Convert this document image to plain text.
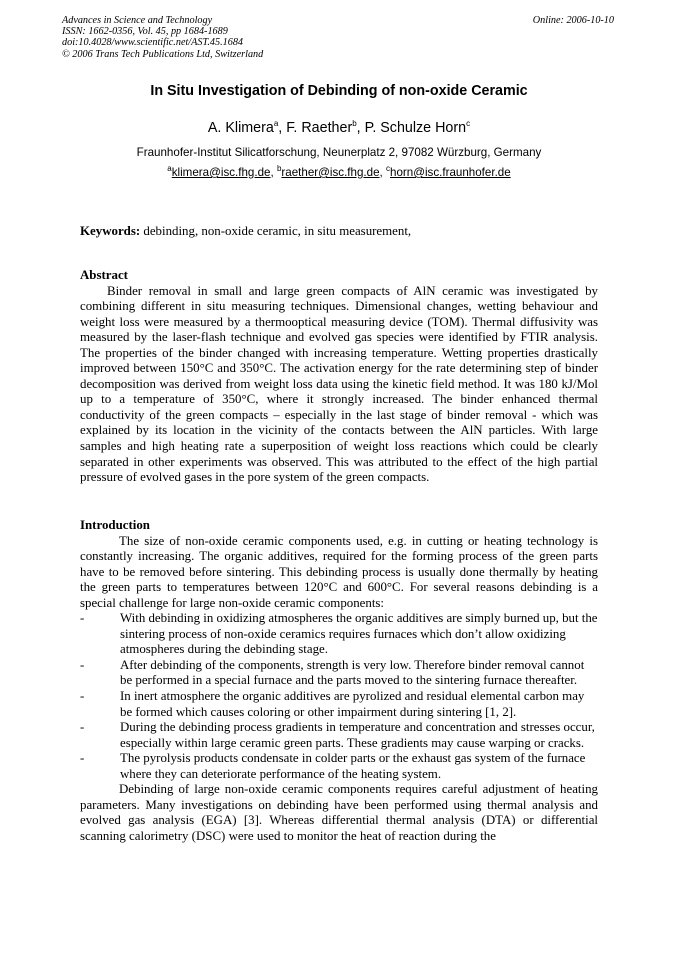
Advances in Science and Technology
ISSN: 1662-0356, Vol. 45, pp 1684-1689
doi:10.4028/www.scientific.net/AST.45.1684
© 2006 Trans Tech Publications Ltd, Switzerland
Online: 2006-10-10
In Situ Investigation of Debinding of non-oxide Ceramic
A. Klimera$^a$, F. Raether$^b$, P. Schulze Horn$^c$
Fraunhofer-Institut Silicatforschung, Neunerplatz 2, 97082 Würzburg, Germany
$^a$klimera@isc.fhg.de, $^b$raether@isc.fhg.de, $^c$horn@isc.fraunhofer.de
Keywords: debinding, non-oxide ceramic, in situ measurement,
Abstract

Binder removal in small and large green compacts of AlN ceramic was investigated by combining different in situ measuring techniques. Dimensional changes, wetting behaviour and weight loss were measured by a thermooptical measuring device (TOM). Thermal diffusivity was measured by the laser-flash technique and evolved gas species were identified by FTIR analysis. The properties of the binder changed with increasing temperature. Wetting properties drastically improved between 150°C and 350°C. The activation energy for the rate determining step of binder decomposition was derived from weight loss data using the kinetic field method. It was 180 kJ/Mol up to a temperature of 350°C, where it strongly increased. The binder enhanced thermal conductivity of the green compacts – especially in the last stage of binder removal - which was explained by its location in the vicinity of the contacts between the AlN particles. With large samples and high heating rate a superposition of weight loss reactions which could be clearly separated in other experiments was observed. This was attributed to the effect of the high partial pressure of evolved gases in the pore system of the green compacts.

Introduction

The size of non-oxide ceramic components used, e.g. in cutting or heating technology is constantly increasing. The organic additives, required for the forming process of the green parts have to be removed before sintering. This debinding process is usually done thermally by heating the green parts to temperatures between 120°C and 600°C. For several reasons debinding is a special challenge for large non-oxide ceramic components:

-	With debinding in oxidizing atmospheres the organic additives are simply burned up, but the sintering process of non-oxide ceramics requires furnaces which don’t allow oxidizing atmospheres during the debinding stage.
-	After debinding of the components, strength is very low. Therefore binder removal cannot be performed in a special furnace and the parts moved to the sintering furnace thereafter.
-	In inert atmosphere the organic additives are pyrolized and residual elemental carbon may be formed which causes coloring or other impairment during sintering [1, 2].
-	During the debinding process gradients in temperature and concentration and stresses occur, especially within large ceramic green parts. These gradients may cause warping or cracks.
-	The pyrolysis products condensate in colder parts or the exhaust gas system of the furnace where they can deteriorate performance of the heating system.

Debinding of large non-oxide ceramic components requires careful adjustment of heating parameters. Many investigations on debinding have been performed using thermal analysis and evolved gas analysis (EGA) [3]. Whereas differential thermal analysis (DTA) or differential scanning calorimetry (DSC) were used to monitor the heat of reaction during the
